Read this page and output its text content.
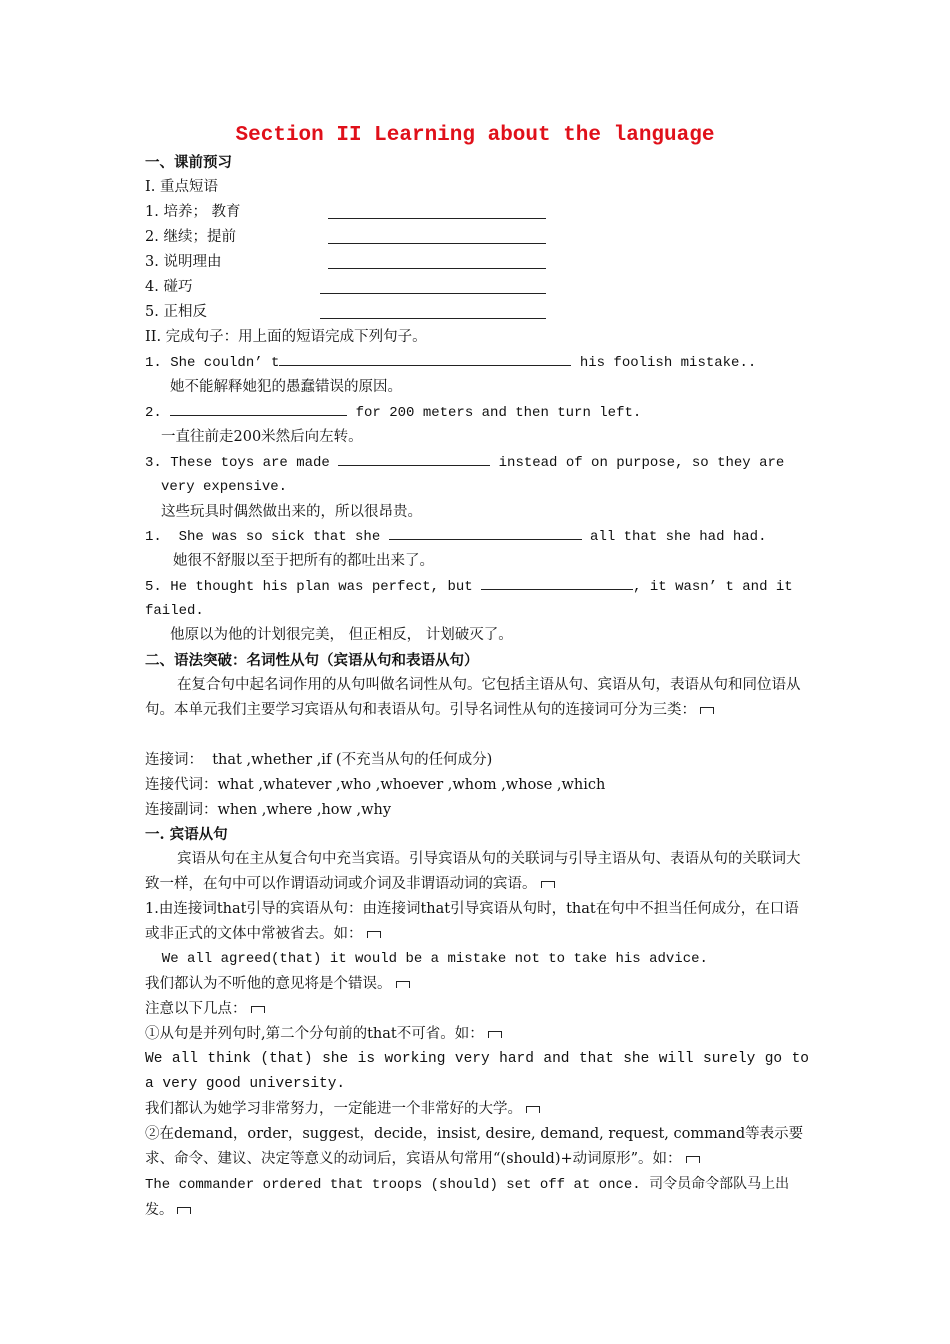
Section II Learning about the language
一、课前预习
I. 重点短语
1. 培养； 教育
2. 继续；提前
3. 说明理由
4. 碰巧
5. 正相反
II. 完成句子：用上面的短语完成下列句子。
1. She couldn’ t	his foolish mistake..
她不能解释她犯的愚蠢错误的原因。
2.	for 200 meters and then turn left.
一直往前走200米然后向左转。
3. These toys are made	instead of on purpose, so they are
very expensive.
这些玩具时偶然做出来的，所以很昂贵。
1.  She was so sick that she	all that she had had.
她很不舒服以至于把所有的都吐出来了。
5. He thought his plan was perfect, but	, it wasn’ t and it
failed.
他原以为他的计划很完美， 但正相反， 计划破灭了。
二、语法突破：名词性从句（宾语从句和表语从句）
在复合句中起名词作用的从句叫做名词性从句。它包括主语从句、宾语从句，表语从句和同位语从句。本单元我们主要学习宾语从句和表语从句。引导名词性从句的连接词可分为三类：
连接词：  that ,whether ,if (不充当从句的任何成分)
连接代词：what ,whatever ,who ,whoever ,whom ,whose ,which
连接副词：when ,where ,how ,why
一. 宾语从句
宾语从句在主从复合句中充当宾语。引导宾语从句的关联词与引导主语从句、表语从句的关联词大致一样，在句中可以作谓语动词或介词及非谓语动词的宾语。
1.由连接词that引导的宾语从句：由连接词that引导宾语从句时，that在句中不担当任何成分，在口语或非正式的文体中常被省去。如：
We all agreed(that) it would be a mistake not to take his advice.
我们都认为不听他的意见将是个错误。
注意以下几点：
①从句是并列句时,第二个分句前的that不可省。如：
We all think (that) she is working very hard and that she will surely go to a very good university.
我们都认为她学习非常努力，一定能进一个非常好的大学。
②在demand，order，suggest，decide，insist, desire, demand, request, command等表示要求、命令、建议、决定等意义的动词后，宾语从句常用“(should)+动词原形”。如：
The commander ordered that troops (should) set off at once. 司令员命令部队马上出发。
